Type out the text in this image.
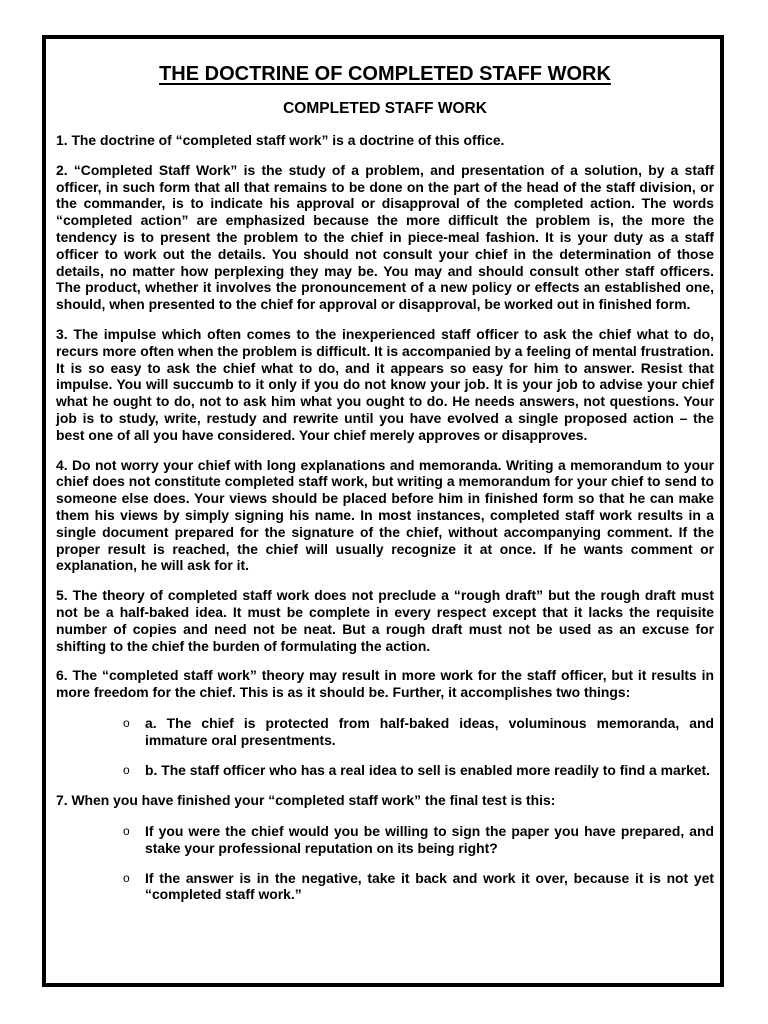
THE DOCTRINE OF COMPLETED STAFF WORK
COMPLETED STAFF WORK

1. The doctrine of “completed staff work” is a doctrine of this office.

2. “Completed Staff Work” is the study of a problem, and presentation of a solution, by a staff officer, in such form that all that remains to be done on the part of the head of the staff division, or the commander, is to indicate his approval or disapproval of the completed action. The words “completed action” are emphasized because the more difficult the problem is, the more the tendency is to present the problem to the chief in piece-meal fashion. It is your duty as a staff officer to work out the details. You should not consult your chief in the determination of those details, no matter how perplexing they may be. You may and should consult other staff officers. The product, whether it involves the pronouncement of a new policy or effects an established one, should, when presented to the chief for approval or disapproval, be worked out in finished form.

3. The impulse which often comes to the inexperienced staff officer to ask the chief what to do, recurs more often when the problem is difficult. It is accompanied by a feeling of mental frustration. It is so easy to ask the chief what to do, and it appears so easy for him to answer. Resist that impulse. You will succumb to it only if you do not know your job. It is your job to advise your chief what he ought to do, not to ask him what you ought to do. He needs answers, not questions. Your job is to study, write, restudy and rewrite until you have evolved a single proposed action – the best one of all you have considered. Your chief merely approves or disapproves.

4. Do not worry your chief with long explanations and memoranda. Writing a memorandum to your chief does not constitute completed staff work, but writing a memorandum for your chief to send to someone else does. Your views should be placed before him in finished form so that he can make them his views by simply signing his name. In most instances, completed staff work results in a single document prepared for the signature of the chief, without accompanying comment. If the proper result is reached, the chief will usually recognize it at once. If he wants comment or explanation, he will ask for it.

5. The theory of completed staff work does not preclude a “rough draft” but the rough draft must not be a half-baked idea. It must be complete in every respect except that it lacks the requisite number of copies and need not be neat. But a rough draft must not be used as an excuse for shifting to the chief the burden of formulating the action.

6. The “completed staff work” theory may result in more work for the staff officer, but it results in more freedom for the chief. This is as it should be. Further, it accomplishes two things:

o a. The chief is protected from half-baked ideas, voluminous memoranda, and immature oral presentments.
o b. The staff officer who has a real idea to sell is enabled more readily to find a market.

7. When you have finished your “completed staff work” the final test is this:

o If you were the chief would you be willing to sign the paper you have prepared, and stake your professional reputation on its being right?
o If the answer is in the negative, take it back and work it over, because it is not yet “completed staff work.”
